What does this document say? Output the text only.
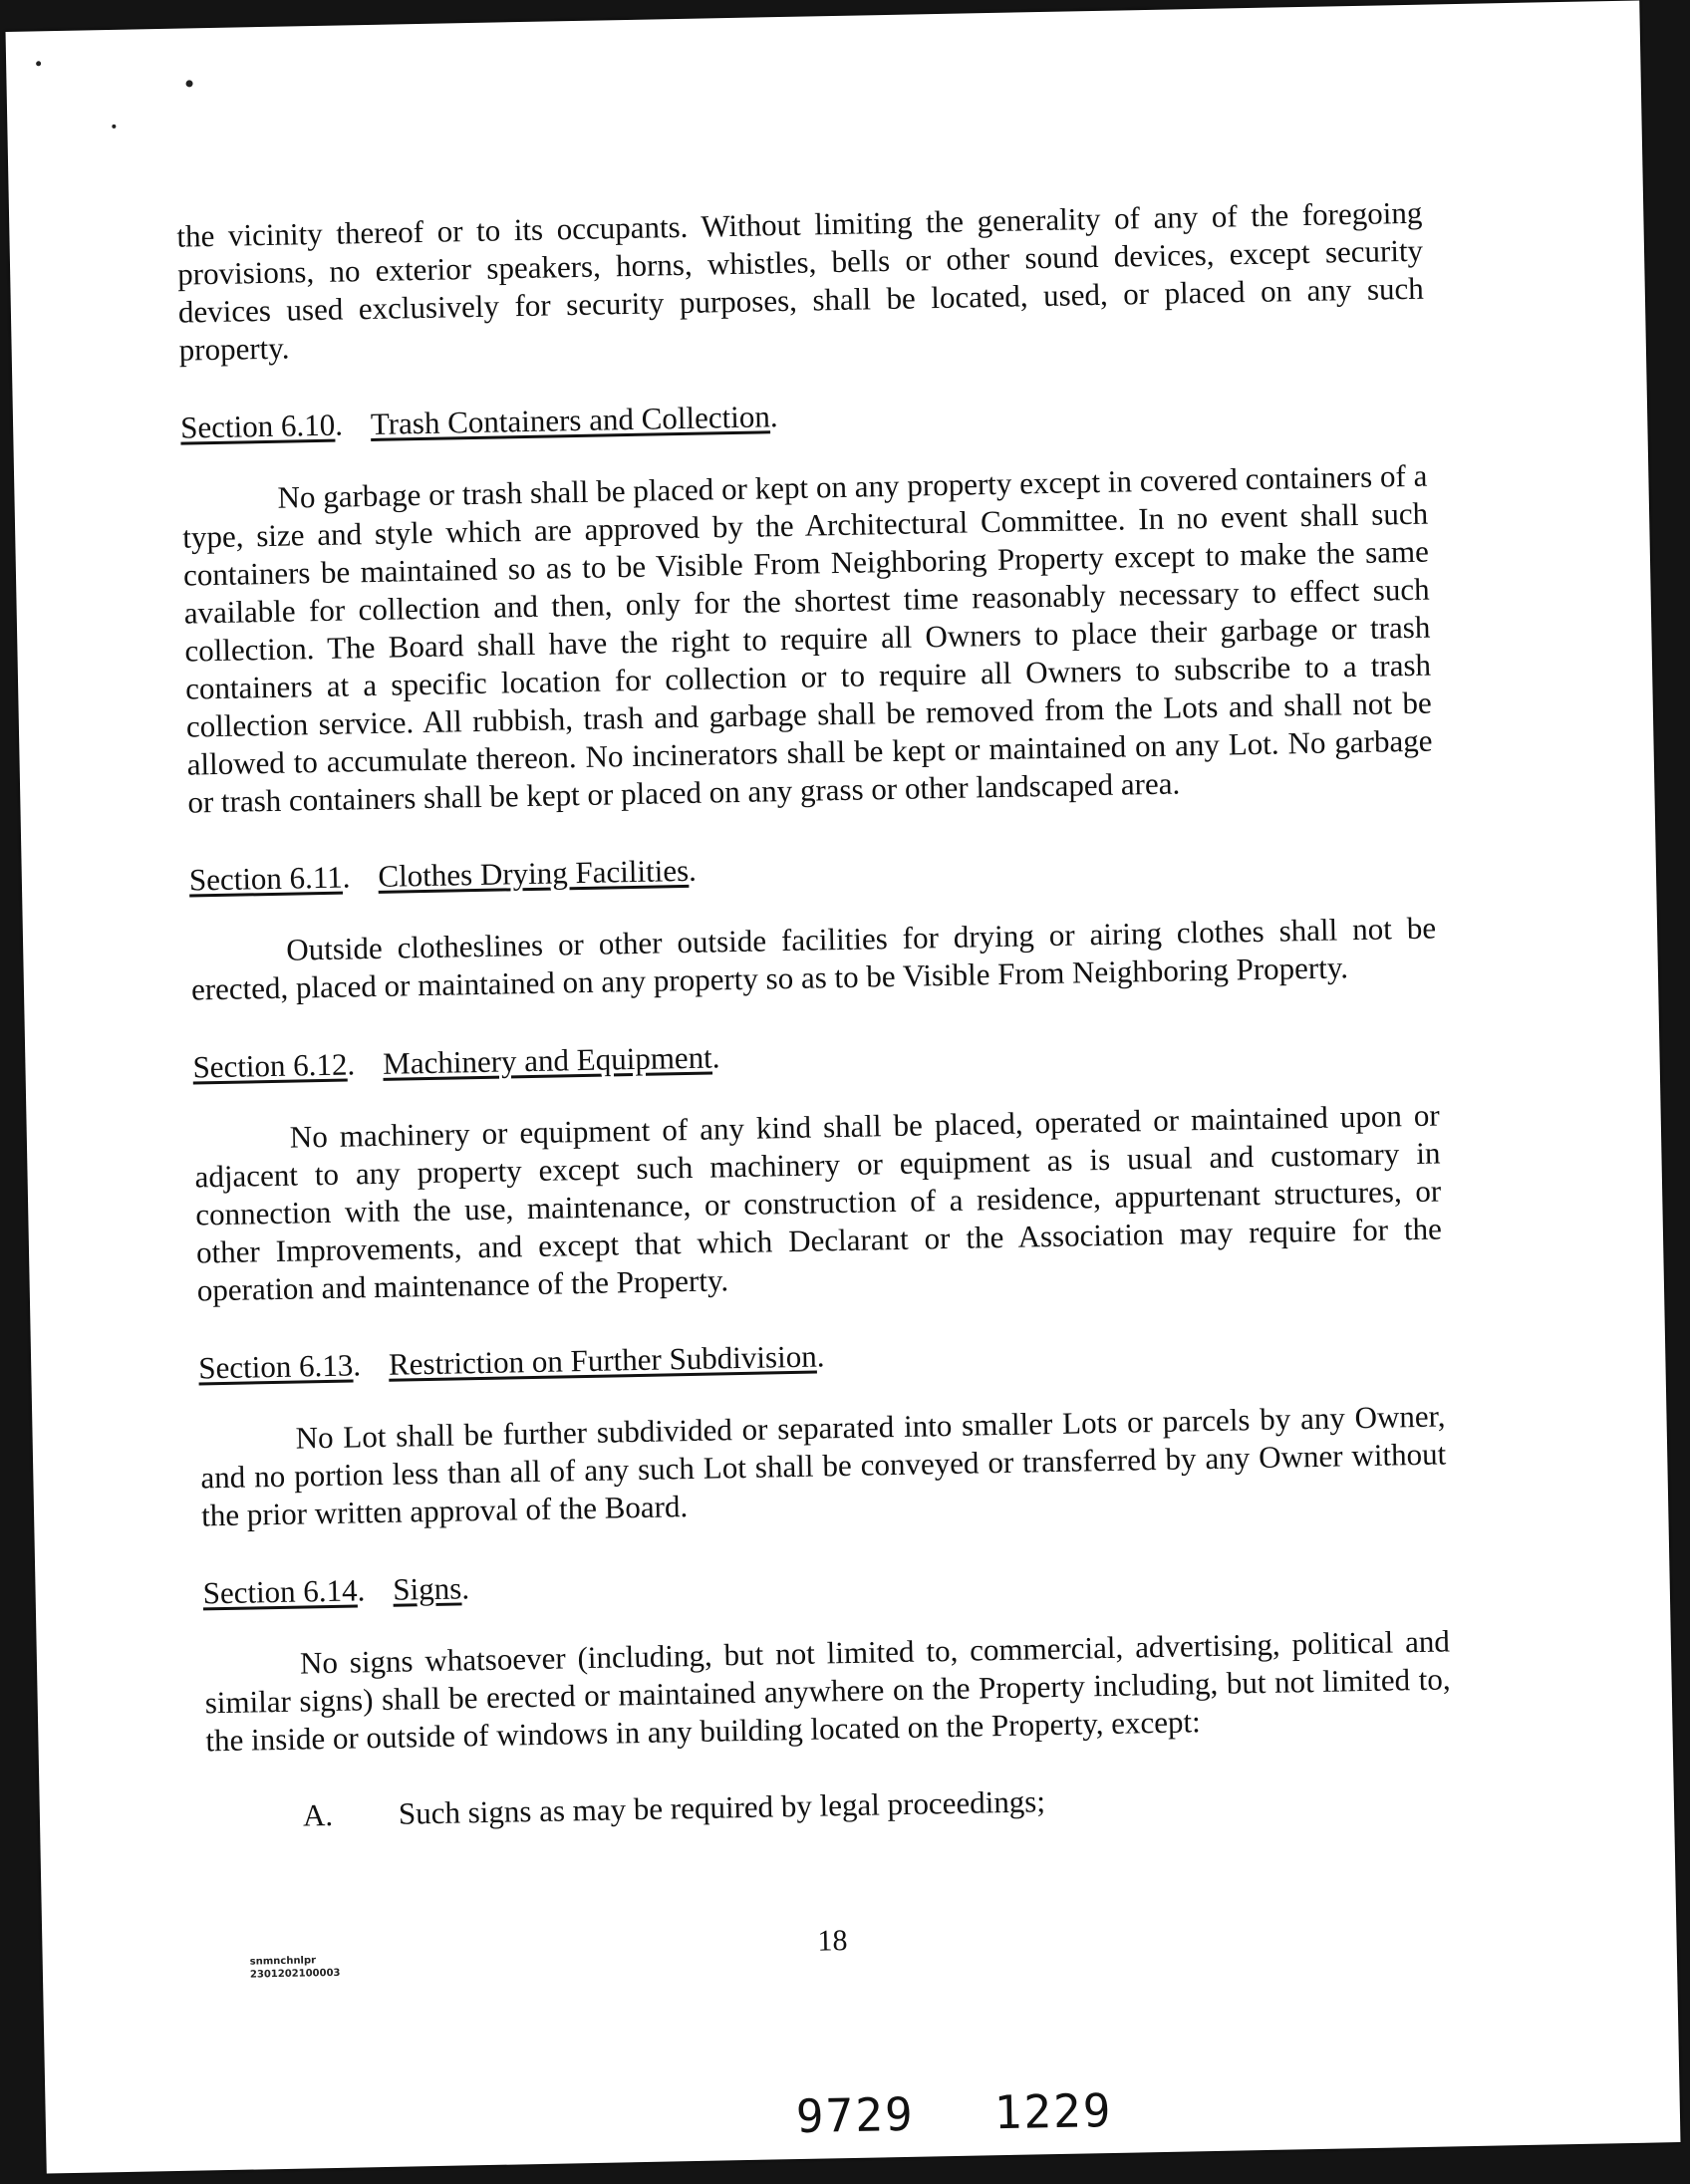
the vicinity thereof or to its occupants. Without limiting the generality of any of the foregoing provisions, no exterior speakers, horns, whistles, bells or other sound devices, except security devices used exclusively for security purposes, shall be located, used, or placed on any such property.

Section 6.10. Trash Containers and Collection.

No garbage or trash shall be placed or kept on any property except in covered containers of a type, size and style which are approved by the Architectural Committee. In no event shall such containers be maintained so as to be Visible From Neighboring Property except to make the same available for collection and then, only for the shortest time reasonably necessary to effect such collection. The Board shall have the right to require all Owners to place their garbage or trash containers at a specific location for collection or to require all Owners to subscribe to a trash collection service. All rubbish, trash and garbage shall be removed from the Lots and shall not be allowed to accumulate thereon. No incinerators shall be kept or maintained on any Lot. No garbage or trash containers shall be kept or placed on any grass or other landscaped area.

Section 6.11. Clothes Drying Facilities.

Outside clotheslines or other outside facilities for drying or airing clothes shall not be erected, placed or maintained on any property so as to be Visible From Neighboring Property.

Section 6.12. Machinery and Equipment.

No machinery or equipment of any kind shall be placed, operated or maintained upon or adjacent to any property except such machinery or equipment as is usual and customary in connection with the use, maintenance, or construction of a residence, appurtenant structures, or other Improvements, and except that which Declarant or the Association may require for the operation and maintenance of the Property.

Section 6.13. Restriction on Further Subdivision.

No Lot shall be further subdivided or separated into smaller Lots or parcels by any Owner, and no portion less than all of any such Lot shall be conveyed or transferred by any Owner without the prior written approval of the Board.

Section 6.14. Signs.

No signs whatsoever (including, but not limited to, commercial, advertising, political and similar signs) shall be erected or maintained anywhere on the Property including, but not limited to, the inside or outside of windows in any building located on the Property, except:

A.	Such signs as may be required by legal proceedings;
snmnchnlpr
2301202100003
18
9729 1229
